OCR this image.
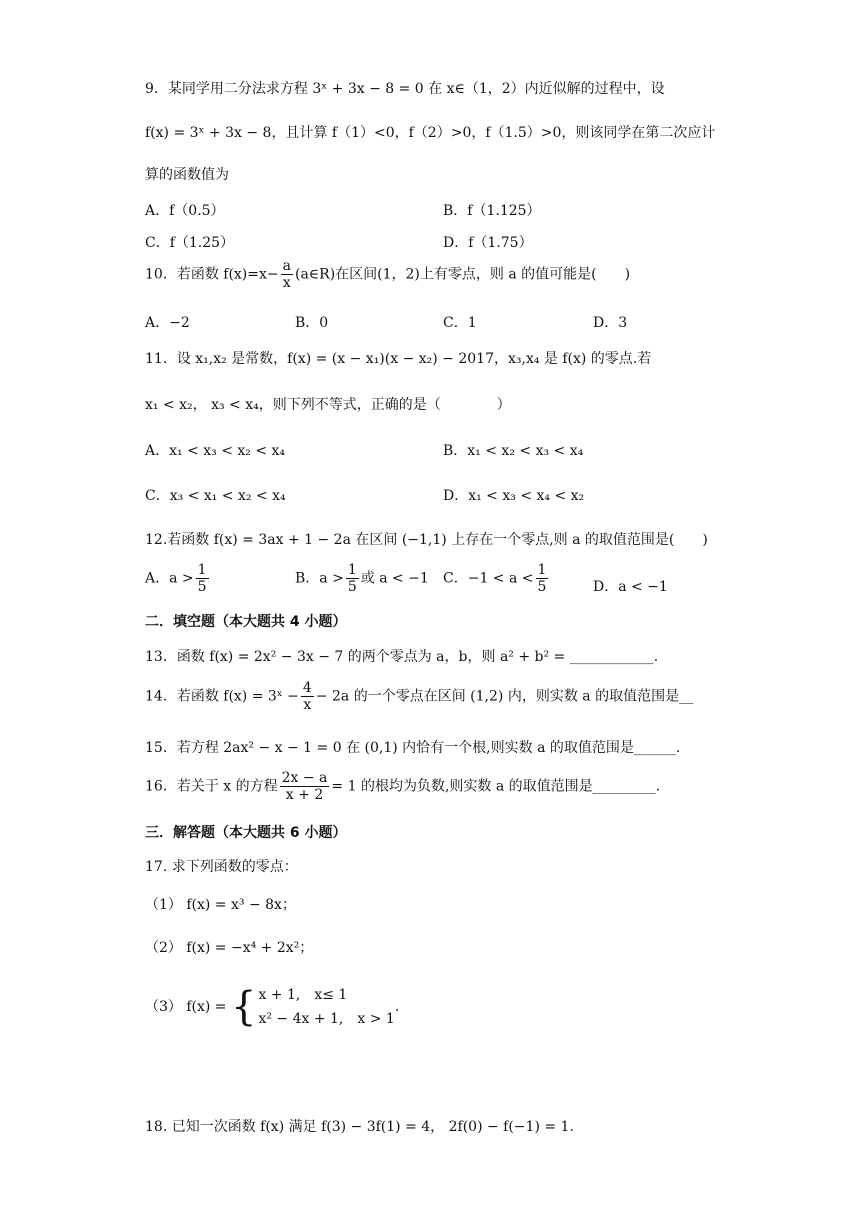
9．某同学用二分法求方程 3ˣ + 3x − 8 = 0 在 x∈（1，2）内近似解的过程中，设
f(x) = 3ˣ + 3x − 8，且计算 f（1）<0，f（2）>0，f（1.5）>0，则该同学在第二次应计
算的函数值为
A．f（0.5）	B．f（1.125）
C．f（1.25）	D．f（1.75）
10．若函数 $f(x)=x- \frac{a}{x}$ (a∈R)在区间(1，2)上有零点，则 a 的值可能是(　　)
A．−2	B．0	C．1	D．3
11．设 x₁,x₂ 是常数，f(x) = (x − x₁)(x − x₂) − 2017，x₃,x₄ 是 f(x) 的零点.若
x₁ < x₂， x₃ < x₄，则下列不等式，正确的是（　　　　）
A．x₁ < x₃ < x₂ < x₄	B．x₁ < x₂ < x₃ < x₄
C．x₃ < x₁ < x₂ < x₄	D．x₁ < x₃ < x₄ < x₂
12.若函数 f(x) = 3ax + 1 − 2a 在区间 (−1,1) 上存在一个零点,则 a 的取值范围是(　　)
A．$a > \frac{1}{5}$	B．$a > \frac{1}{5}$ 或 a < −1 C．$-1 < a < \frac{1}{5}$	D．a < −1
二．填空题（本大题共 4 小题）
13．函数 f(x) = 2x² − 3x − 7 的两个零点为 a，b，则 a² + b² = ____________.
14．若函数 f(x) = 3ˣ − $\frac{4}{x} - 2a$ 的一个零点在区间 (1,2) 内，则实数 a 的取值范围是__
15．若方程 2ax² − x − 1 = 0 在 (0,1) 内恰有一个根,则实数 a 的取值范围是______.
16．若关于 x 的方程 $\frac{2x - a}{x + 2} = 1$ 的根均为负数,则实数 a 的取值范围是_________.
三．解答题（本大题共 6 小题）
17. 求下列函数的零点：
（1） f(x) = x³ − 8x；
（2） f(x) = −x⁴ + 2x²；
（3） f(x) = { x + 1,　x≤ 1
x² − 4x + 1,　x > 1
.
18. 已知一次函数 f(x) 满足 f(3) − 3f(1) = 4， 2f(0) − f(−1) = 1.
